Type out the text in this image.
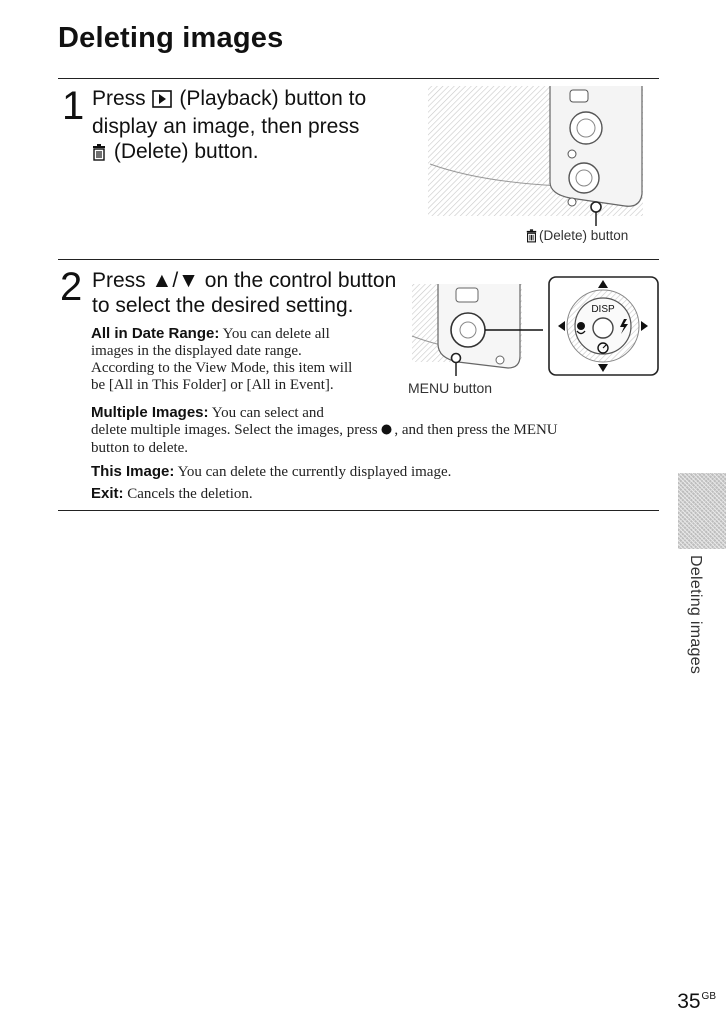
Deleting images
1 Press (Playback) button to
display an image, then press
(Delete) button.
(Delete) button
2 Press ▲/▼ on the control button
to select the desired setting.	DISP
MENU button
All in Date Range: You can delete all
images in the displayed date range.
According to the View Mode, this item will
be [All in This Folder] or [All in Event].
Multiple Images: You can select and
delete multiple images. Select the images, press , and then press the MENU
button to delete.
This Image: You can delete the currently displayed image.
Exit: Cancels the deletion.
Deleting images
$35^{GB}$
